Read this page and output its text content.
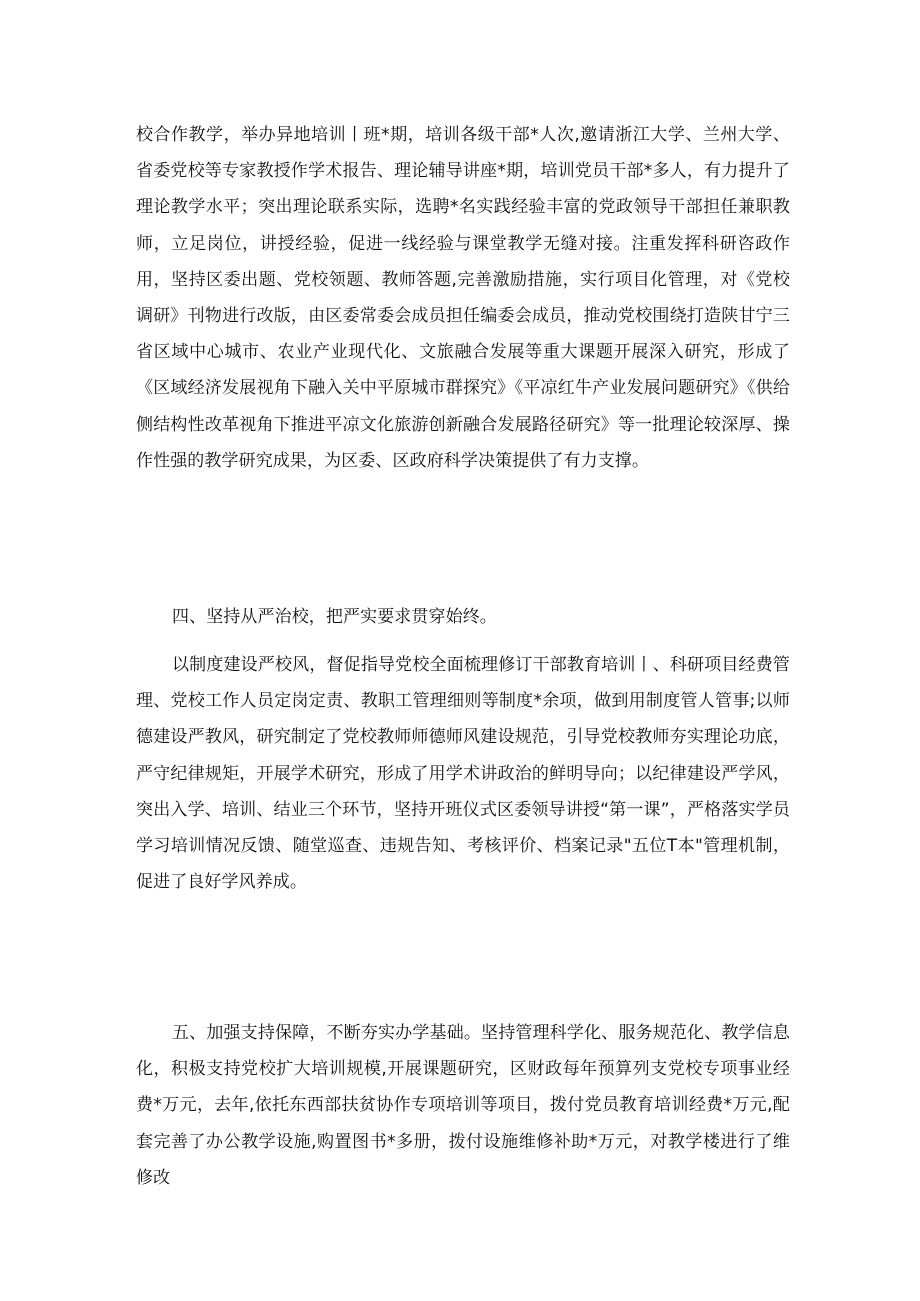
校合作教学，举办异地培训丨班*期，培训各级干部*人次,邀请浙江大学、兰州大学、省委党校等专家教授作学术报告、理论辅导讲座*期，培训党员干部*多人，有力提升了理论教学水平；突出理论联系实际，选聘*名实践经验丰富的党政领导干部担任兼职教师，立足岗位，讲授经验，促进一线经验与课堂教学无缝对接。注重发挥科研咨政作用，坚持区委出题、党校领题、教师答题,完善激励措施，实行项目化管理，对《党校调研》刊物进行改版，由区委常委会成员担任编委会成员，推动党校围绕打造陕甘宁三省区域中心城市、农业产业现代化、文旅融合发展等重大课题开展深入研究，形成了《区域经济发展视角下融入关中平原城市群探究》《平凉红牛产业发展问题研究》《供给侧结构性改革视角下推进平凉文化旅游创新融合发展路径研究》等一批理论较深厚、操作性强的教学研究成果，为区委、区政府科学决策提供了有力支撑。

四、坚持从严治校，把严实要求贯穿始终。

以制度建设严校风，督促指导党校全面梳理修订干部教育培训丨、科研项目经费管理、党校工作人员定岗定责、教职工管理细则等制度*余项，做到用制度管人管事;以师德建设严教风，研究制定了党校教师师德师风建设规范，引导党校教师夯实理论功底，严守纪律规矩，开展学术研究，形成了用学术讲政治的鲜明导向；以纪律建设严学风，突出入学、培训、结业三个环节，坚持开班仪式区委领导讲授“第一课”，严格落实学员学习培训情况反馈、随堂巡查、违规告知、考核评价、档案记录"五位T本"管理机制，促进了良好学风养成。

五、加强支持保障，不断夯实办学基础。坚持管理科学化、服务规范化、教学信息化，积极支持党校扩大培训规模,开展课题研究，区财政每年预算列支党校专项事业经费*万元，去年,依托东西部扶贫协作专项培训等项目，拨付党员教育培训经费*万元,配套完善了办公教学设施,购置图书*多册，拨付设施维修补助*万元，对教学楼进行了维修改
